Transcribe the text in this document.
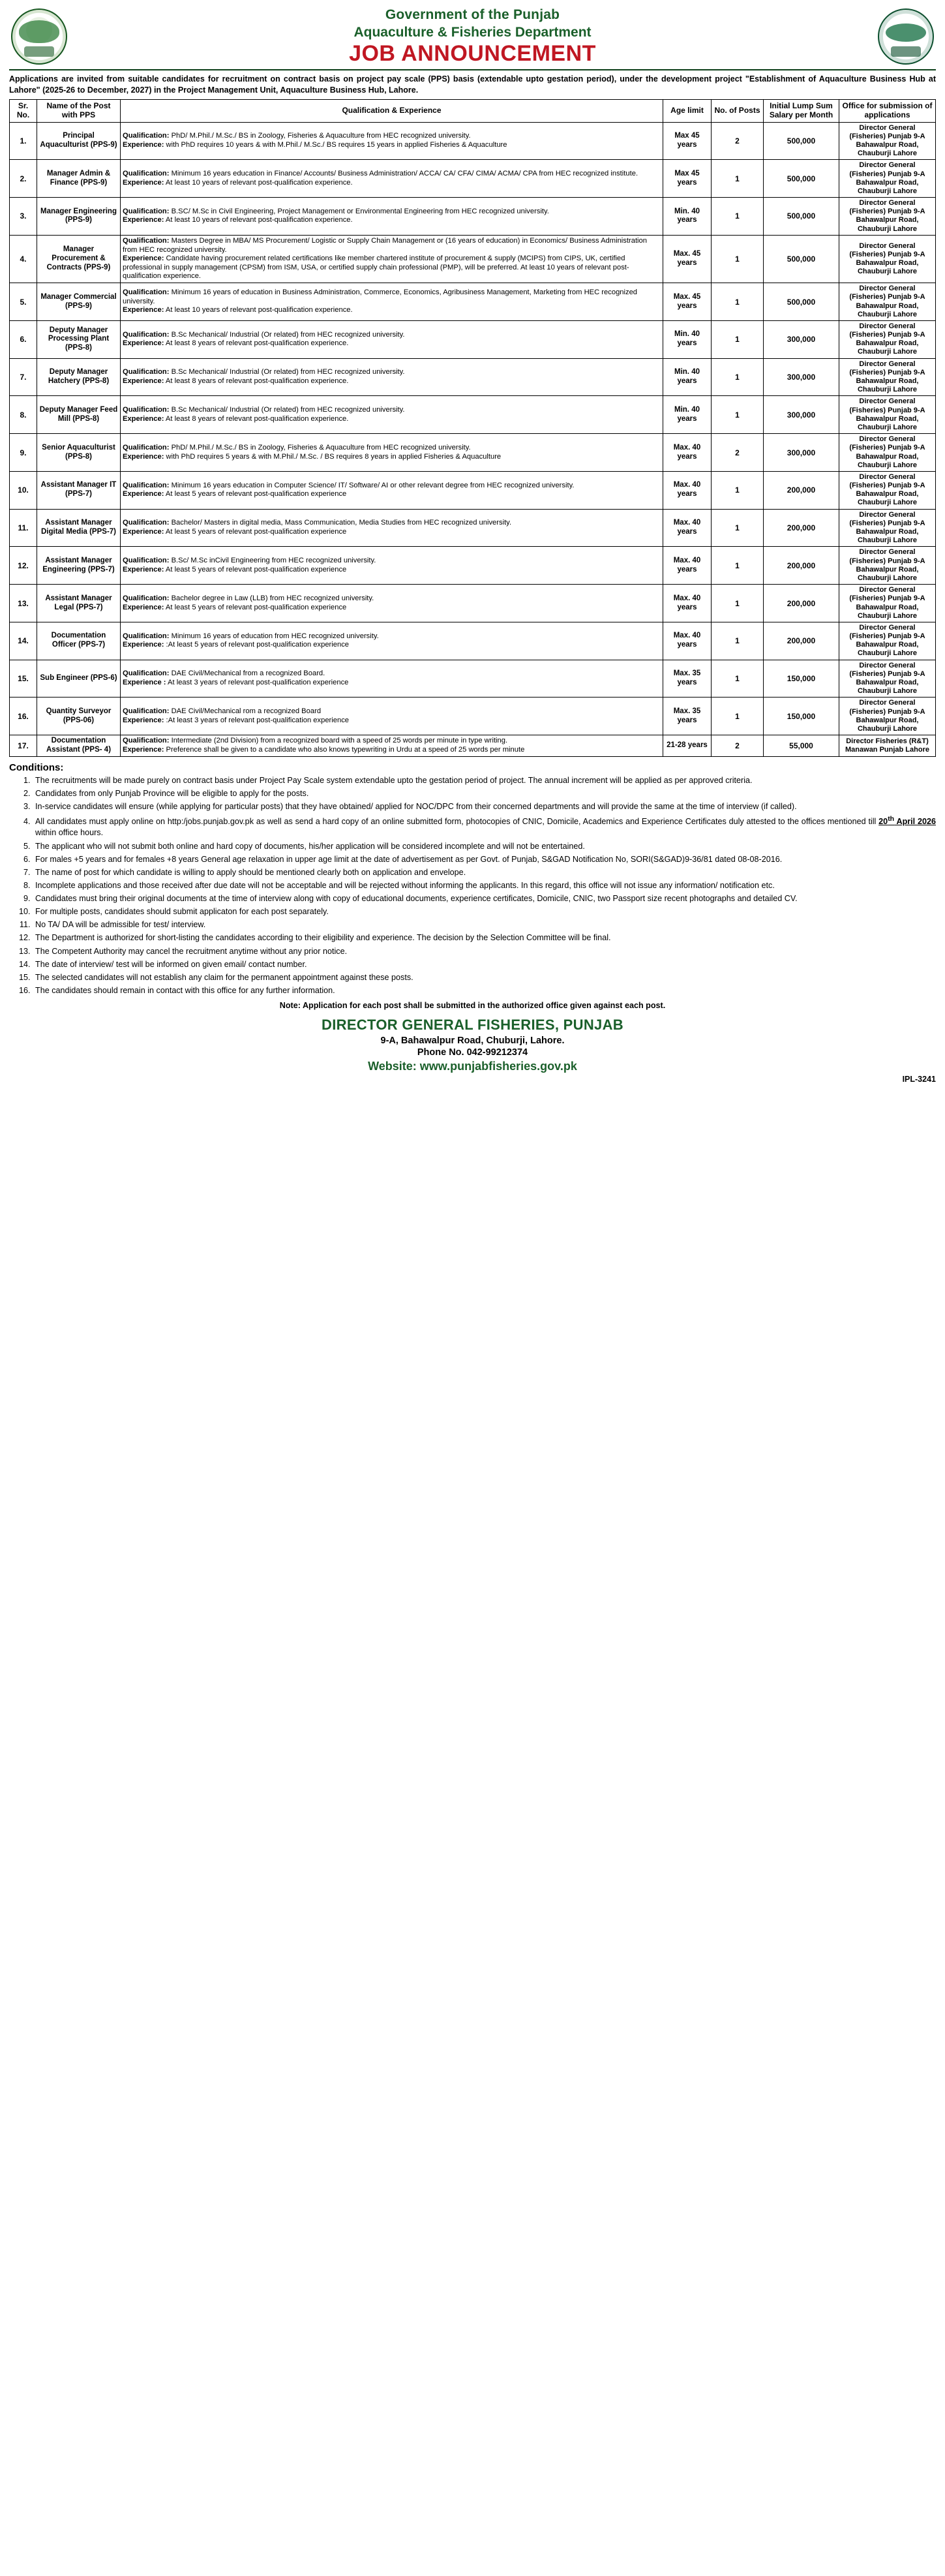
Government of the Punjab
Aquaculture & Fisheries Department
JOB ANNOUNCEMENT
Applications are invited from suitable candidates for recruitment on contract basis on project pay scale (PPS) basis (extendable upto gestation period), under the development project "Establishment of Aquaculture Business Hub at Lahore" (2025-26 to December, 2027) in the Project Management Unit, Aquaculture Business Hub, Lahore.
Sr. No.	Name of the Post with PPS	Qualification & Experience	Age limit	No. of Posts	Initial Lump Sum Salary per Month	Office for submission of applications
1.	Principal Aquaculturist (PPS-9)	Qualification: PhD/ M.Phil./ M.Sc./ BS in Zoology, Fisheries & Aquaculture from HEC recognized university.
Experience: with PhD requires 10 years & with M.Phil./ M.Sc./ BS requires 15 years in applied Fisheries & Aquaculture	Max 45 years	2	500,000	Director General (Fisheries) Punjab 9-A Bahawalpur Road, Chauburji Lahore
2.	Manager Admin & Finance (PPS-9)	Qualification: Minimum 16 years education in Finance/ Accounts/ Business Administration/ ACCA/ CA/ CFA/ CIMA/ ACMA/ CPA from HEC recognized institute.
Experience: At least 10 years of relevant post-qualification experience.	Max 45 years	1	500,000	Director General (Fisheries) Punjab 9-A Bahawalpur Road, Chauburji Lahore
3.	Manager Engineering (PPS-9)	Qualification: B.SC/ M.Sc in Civil Engineering, Project Management or Environmental Engineering from HEC recognized university.
Experience: At least 10 years of relevant post-qualification experience.	Min. 40 years	1	500,000	Director General (Fisheries) Punjab 9-A Bahawalpur Road, Chauburji Lahore
4.	Manager Procurement & Contracts (PPS-9)	Qualification: Masters Degree in MBA/ MS Procurement/ Logistic or Supply Chain Management or (16 years of education) in Economics/ Business Administration from HEC recognized university.
Experience: Candidate having procurement related certifications like member chartered institute of procurement & supply (MCIPS) from CIPS, UK, certified professional in supply management (CPSM) from ISM, USA, or certified supply chain professional (PMP), will be preferred. At least 10 years of relevant post-qualification experience.	Max. 45 years	1	500,000	Director General (Fisheries) Punjab 9-A Bahawalpur Road, Chauburji Lahore
5.	Manager Commercial (PPS-9)	Qualification: Minimum 16 years of education in Business Administration, Commerce, Economics, Agribusiness Management, Marketing from HEC recognized university.
Experience: At least 10 years of relevant post-qualification experience.	Max. 45 years	1	500,000	Director General (Fisheries) Punjab 9-A Bahawalpur Road, Chauburji Lahore
6.	Deputy Manager Processing Plant (PPS-8)	Qualification: B.Sc Mechanical/ Industrial (Or related) from HEC recognized university.
Experience: At least 8 years of relevant post-qualification experience.	Min. 40 years	1	300,000	Director General (Fisheries) Punjab 9-A Bahawalpur Road, Chauburji Lahore
7.	Deputy Manager Hatchery (PPS-8)	Qualification: B.Sc Mechanical/ Industrial (Or related) from HEC recognized university.
Experience: At least 8 years of relevant post-qualification experience.	Min. 40 years	1	300,000	Director General (Fisheries) Punjab 9-A Bahawalpur Road, Chauburji Lahore
8.	Deputy Manager Feed Mill (PPS-8)	Qualification: B.Sc Mechanical/ Industrial (Or related) from HEC recognized university.
Experience: At least 8 years of relevant post-qualification experience.	Min. 40 years	1	300,000	Director General (Fisheries) Punjab 9-A Bahawalpur Road, Chauburji Lahore
9.	Senior Aquaculturist (PPS-8)	Qualification: PhD/ M.Phil./ M.Sc./ BS in Zoology, Fisheries & Aquaculture from HEC recognized university.
Experience: with PhD requires 5 years & with M.Phil./ M.Sc. / BS requires 8 years in applied Fisheries & Aquaculture	Max. 40 years	2	300,000	Director General (Fisheries) Punjab 9-A Bahawalpur Road, Chauburji Lahore
10.	Assistant Manager IT (PPS-7)	Qualification: Minimum 16 years education in Computer Science/ IT/ Software/ AI or other relevant degree from HEC recognized university.
Experience: At least 5 years of relevant post-qualification experience	Max. 40 years	1	200,000	Director General (Fisheries) Punjab 9-A Bahawalpur Road, Chauburji Lahore
11.	Assistant Manager Digital Media (PPS-7)	Qualification: Bachelor/ Masters in digital media, Mass Communication, Media Studies from HEC recognized university.
Experience: At least 5 years of relevant post-qualification experience	Max. 40 years	1	200,000	Director General (Fisheries) Punjab 9-A Bahawalpur Road, Chauburji Lahore
12.	Assistant Manager Engineering (PPS-7)	Qualification: B.Sc/ M.Sc inCivil Engineering from HEC recognized university.
Experience: At least 5 years of relevant post-qualification experience	Max. 40 years	1	200,000	Director General (Fisheries) Punjab 9-A Bahawalpur Road, Chauburji Lahore
13.	Assistant Manager Legal (PPS-7)	Qualification: Bachelor degree in Law (LLB) from HEC recognized university.
Experience: At least 5 years of relevant post-qualification experience	Max. 40 years	1	200,000	Director General (Fisheries) Punjab 9-A Bahawalpur Road, Chauburji Lahore
14.	Documentation Officer (PPS-7)	Qualification: Minimum 16 years of education from HEC recognized university.
Experience: :At least 5 years of relevant post-qualification experience	Max. 40 years	1	200,000	Director General (Fisheries) Punjab 9-A Bahawalpur Road, Chauburji Lahore
15.	Sub Engineer (PPS-6)	Qualification: DAE Civil/Mechanical from a recognized Board.
Experience : At least 3 years of relevant post-qualification experience	Max. 35 years	1	150,000	Director General (Fisheries) Punjab 9-A Bahawalpur Road, Chauburji Lahore
16.	Quantity Surveyor (PPS-06)	Qualification: DAE Civil/Mechanical rom a recognized Board
Experience: :At least 3 years of relevant post-qualification experience	Max. 35 years	1	150,000	Director General (Fisheries) Punjab 9-A Bahawalpur Road, Chauburji Lahore
17.	Documentation Assistant (PPS- 4)	Qualification: Intermediate (2nd Division) from a recognized board with a speed of 25 words per minute in type writing.
Experience: Preference shall be given to a candidate who also knows typewriting in Urdu at a speed of 25 words per minute	21-28 years	2	55,000	Director Fisheries (R&T) Manawan Punjab Lahore
Conditions:
1. The recruitments will be made purely on contract basis under Project Pay Scale system extendable upto the gestation period of project. The annual increment will be applied as per approved criteria.
2. Candidates from only Punjab Province will be eligible to apply for the posts.
3. In-service candidates will ensure (while applying for particular posts) that they have obtained/ applied for NOC/DPC from their concerned departments and will provide the same at the time of interview (if called).
4. All candidates must apply online on http:/jobs.punjab.gov.pk as well as send a hard copy of an online submitted form, photocopies of CNIC, Domicile, Academics and Experience Certificates duly attested to the offices mentioned till 20th April 2026 within office hours.
5. The applicant who will not submit both online and hard copy of documents, his/her application will be considered incomplete and will not be entertained.
6. For males +5 years and for females +8 years General age relaxation in upper age limit at the date of advertisement as per Govt. of Punjab, S&GAD Notification No, SORI(S&GAD)9-36/81 dated 08-08-2016.
7. The name of post for which candidate is willing to apply should be mentioned clearly both on application and envelope.
8. Incomplete applications and those received after due date will not be acceptable and will be rejected without informing the applicants. In this regard, this office will not issue any information/ notification etc.
9. Candidates must bring their original documents at the time of interview along with copy of educational documents, experience certificates, Domicile, CNIC, two Passport size recent photographs and detailed CV.
10. For multiple posts, candidates should submit applicaton for each post separately.
11. No TA/ DA will be admissible for test/ interview.
12. The Department is authorized for short-listing the candidates according to their eligibility and experience. The decision by the Selection Committee will be final.
13. The Competent Authority may cancel the recruitment anytime without any prior notice.
14. The date of interview/ test will be informed on given email/ contact number.
15. The selected candidates will not establish any claim for the permanent appointment against these posts.
16. The candidates should remain in contact with this office for any further information.
Note: Application for each post shall be submitted in the authorized office given against each post.
DIRECTOR GENERAL FISHERIES, PUNJAB
9-A, Bahawalpur Road, Chuburji, Lahore.
Phone No. 042-99212374
Website: www.punjabfisheries.gov.pk
IPL-3241
